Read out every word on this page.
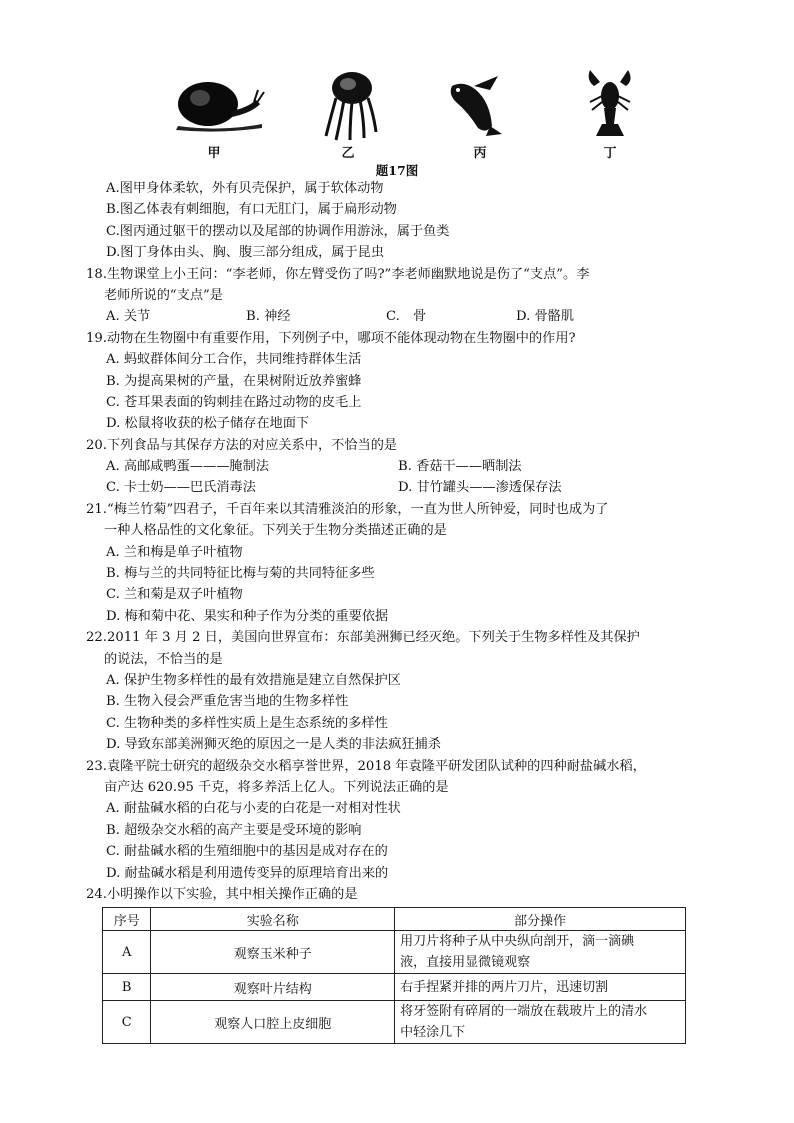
甲	乙	丙	丁
题17图
A.图甲身体柔软，外有贝壳保护，属于软体动物
B.图乙体表有刺细胞，有口无肛门，属于扁形动物
C.图丙通过躯干的摆动以及尾部的协调作用游泳，属于鱼类
D.图丁身体由头、胸、腹三部分组成，属于昆虫
18.生物课堂上小王问：“李老师，你左臂受伤了吗?”李老师幽默地说是伤了“支点”。李
老师所说的“支点”是
A. 关节	B. 神经	C.　骨	D. 骨骼肌
19.动物在生物圈中有重要作用，下列例子中，哪项不能体现动物在生物圈中的作用?
A. 蚂蚁群体间分工合作，共同维持群体生活
B. 为提高果树的产量，在果树附近放养蜜蜂
C. 苍耳果表面的钩刺挂在路过动物的皮毛上
D. 松鼠将收获的松子储存在地面下
20.下列食品与其保存方法的对应关系中，不恰当的是
A. 高邮咸鸭蛋———腌制法	B. 香菇干——晒制法
C. 卡士奶——巴氏消毒法	D. 甘竹罐头——渗透保存法
21.“梅兰竹菊”四君子，千百年来以其清雅淡泊的形象，一直为世人所钟爱，同时也成为了
一种人格品性的文化象征。下列关于生物分类描述正确的是
A. 兰和梅是单子叶植物
B. 梅与兰的共同特征比梅与菊的共同特征多些
C. 兰和菊是双子叶植物
D. 梅和菊中花、果实和种子作为分类的重要依据
22.2011 年 3 月 2 日，美国向世界宣布：东部美洲狮已经灭绝。下列关于生物多样性及其保护
的说法，不恰当的是
A. 保护生物多样性的最有效措施是建立自然保护区
B. 生物入侵会严重危害当地的生物多样性
C. 生物种类的多样性实质上是生态系统的多样性
D. 导致东部美洲狮灭绝的原因之一是人类的非法疯狂捕杀
23.袁隆平院士研究的超级杂交水稻享誉世界，2018 年袁隆平研发团队试种的四种耐盐碱水稻，
亩产达 620.95 千克，将多养活上亿人。下列说法正确的是
A. 耐盐碱水稻的白花与小麦的白花是一对相对性状
B. 超级杂交水稻的高产主要是受环境的影响
C. 耐盐碱水稻的生殖细胞中的基因是成对存在的
D. 耐盐碱水稻是利用遗传变异的原理培育出来的
24.小明操作以下实验，其中相关操作正确的是
序号	实验名称	部分操作
A	观察玉米种子	用刀片将种子从中央纵向剖开，滴一滴碘
液，直接用显微镜观察

B	观察叶片结构	右手捏紧并排的两片刀片，迅速切割

C	观察人口腔上皮细胞	将牙签附有碎屑的一端放在载玻片上的清水
中轻涂几下
